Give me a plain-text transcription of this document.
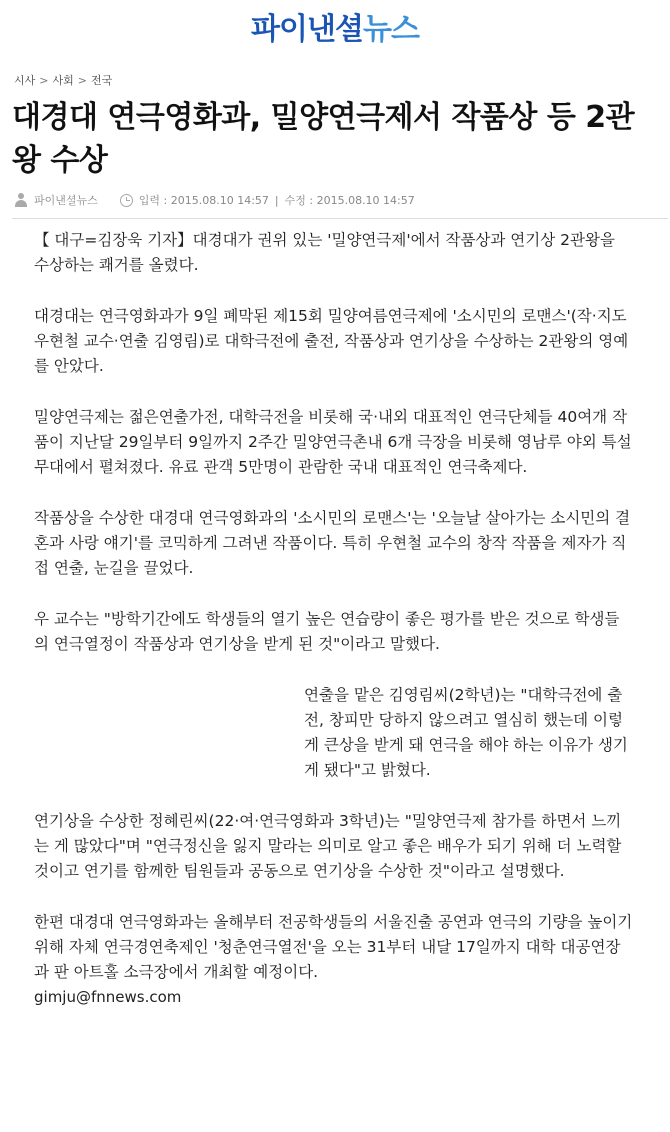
파이낸셜뉴스
시사 > 사회 > 전국
대경대 연극영화과, 밀양연극제서 작품상 등 2관왕 수상
파이낸셜뉴스	입력 : 2015.08.10 14:57 | 수정 : 2015.08.10 14:57

【 대구=김장욱 기자】대경대가 권위 있는 '밀양연극제'에서 작품상과 연기상 2관왕을 수상하는 쾌거를 올렸다.

대경대는 연극영화과가 9일 폐막된 제15회 밀양여름연극제에 '소시민의 로맨스'(작·지도 우현철 교수·연출 김영림)로 대학극전에 출전, 작품상과 연기상을 수상하는 2관왕의 영예를 안았다.

밀양연극제는 젊은연출가전, 대학극전을 비롯해 국·내외 대표적인 연극단체들 40여개 작품이 지난달 29일부터 9일까지 2주간 밀양연극촌내 6개 극장을 비롯해 영남루 야외 특설무대에서 펼쳐졌다. 유료 관객 5만명이 관람한 국내 대표적인 연극축제다.

작품상을 수상한 대경대 연극영화과의 '소시민의 로맨스'는 '오늘날 살아가는 소시민의 결혼과 사랑 얘기'를 코믹하게 그려낸 작품이다. 특히 우현철 교수의 창작 작품을 제자가 직접 연출, 눈길을 끌었다.

우 교수는 "방학기간에도 학생들의 열기 높은 연습량이 좋은 평가를 받은 것으로 학생들의 연극열정이 작품상과 연기상을 받게 된 것"이라고 말했다.

연출을 맡은 김영림씨(2학년)는 "대학극전에 출전, 창피만 당하지 않으려고 열심히 했는데 이렇게 큰상을 받게 돼 연극을 해야 하는 이유가 생기게 됐다"고 밝혔다.

연기상을 수상한 정혜린씨(22·여·연극영화과 3학년)는 "밀양연극제 참가를 하면서 느끼는 게 많았다"며 "연극정신을 잃지 말라는 의미로 알고 좋은 배우가 되기 위해 더 노력할 것이고 연기를 함께한 팀원들과 공동으로 연기상을 수상한 것"이라고 설명했다.

한편 대경대 연극영화과는 올해부터 전공학생들의 서울진출 공연과 연극의 기량을 높이기 위해 자체 연극경연축제인 '청춘연극열전'을 오는 31부터 내달 17일까지 대학 대공연장과 판 아트홀 소극장에서 개최할 예정이다.

gimju@fnnews.com
